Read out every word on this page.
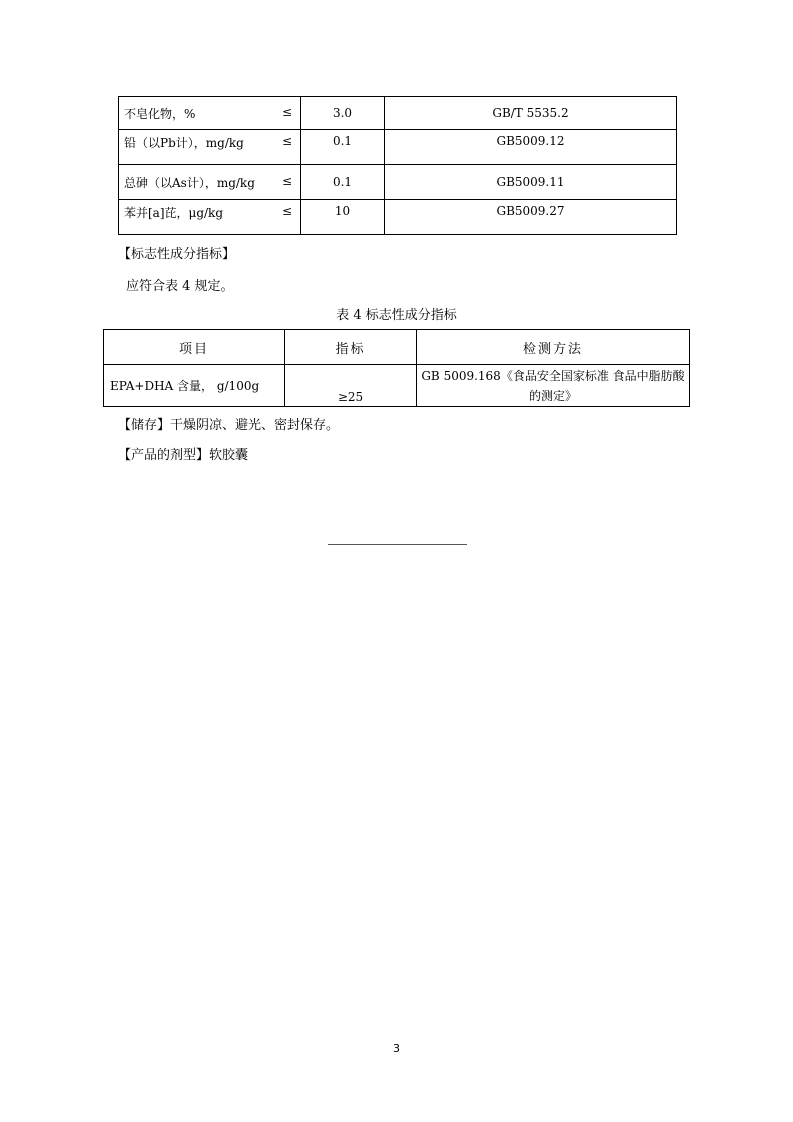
不皂化物，% ≤	3.0	GB/T 5535.2

铅（以Pb计），mg/kg ≤	0.1	GB5009.12

总砷（以As计），mg/kg ≤	0.1	GB5009.11

苯并[a]芘，μg/kg ≤	10	GB5009.27
【标志性成分指标】
应符合表 4 规定。
表 4 标志性成分指标
项目	指标	检测方法
EPA+DHA 含量， g/100g	≥25	GB 5009.168《食品安全国家标准 食品中脂肪酸的测定》
【储存】干燥阴凉、避光、密封保存。
【产品的剂型】软胶囊
3
